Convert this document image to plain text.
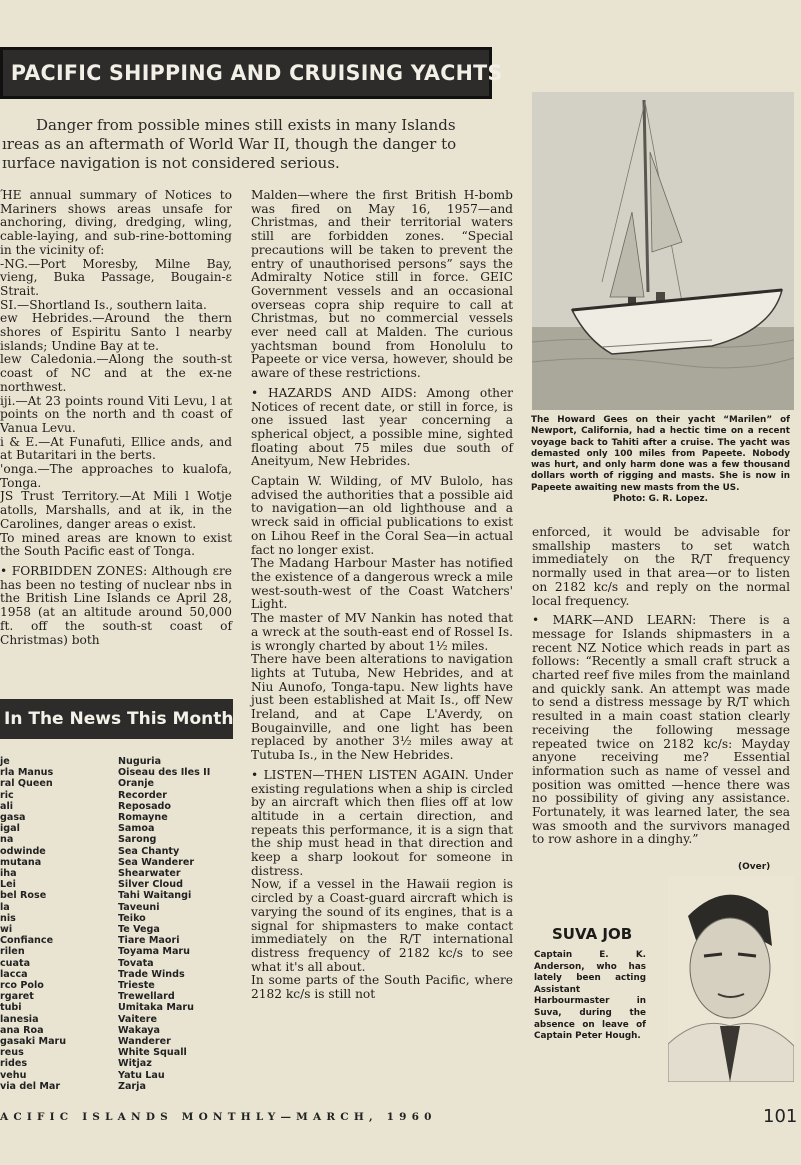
PACIFIC SHIPPING AND CRUISING YACHTS

Danger from possible mines still exists in many Islands ıreas as an aftermath of World War II, though the danger to ɪurface navigation is not considered serious.

ΉE annual summary of Notices to Mariners shows areas unsafe for anchoring, diving, dredging, wling, cable-laying, and sub-rine-bottoming in the vicinity of:

-NG.—Port Moresby, Milne Bay, vieng, Buka Passage, Bougain-ɛ Strait.

SI.—Shortland Is., southern laita.

ew Hebrides.—Around the thern shores of Espiritu Santo l nearby islands; Undine Bay at te.

lew Caledonia.—Along the south-st coast of NC and at the ex-ne northwest.

iji.—At 23 points round Viti Levu, l at points on the north and th coast of Vanua Levu.

i & E.—At Funafuti, Ellice ands, and at Butaritari in the berts.

'onga.—The approaches to kualofa, Tonga.

JS Trust Territory.—At Mili l Wotje atolls, Marshalls, and at ik, in the Carolines, danger areas o exist.

To mined areas are known to exist the South Pacific east of Tonga.

• FORBIDDEN ZONES: Although ɛre has been no testing of nuclear nbs in the British Line Islands ce April 28, 1958 (at an altitude around 50,000 ft. off the south-st coast of Christmas) both

In The News This Month
je
rla Manus
ral Queen
ric
ali
gasa
igal
na
odwinde
mutana
iha
Lei
bel Rose
la
nis
wi
Confiance
rilen
cuata
lacca
rco Polo
rgaret
tubi
lanesia
ana Roa
gasaki Maru
reus
rides
vehu
via del Mar
Nuguria
Oiseau des Iles II
Oranje
Recorder
Reposado
Romayne
Samoa
Sarong
Sea Chanty
Sea Wanderer
Shearwater
Silver Cloud
Tahi Waitangi
Taveuni
Teiko
Te Vega
Tiare Maori
Toyama Maru
Tovata
Trade Winds
Trieste
Trewellard
Umitaka Maru
Vaitere
Wakaya
Wanderer
White Squall
Witjaz
Yatu Lau
Zarja

Malden—where the first British H-bomb was fired on May 16, 1957—and Christmas, and their territorial waters still are forbidden zones. “Special precautions will be taken to prevent the entry of unauthorised persons” says the Admiralty Notice still in force. GEIC Government vessels and an occasional overseas copra ship require to call at Christmas, but no commercial vessels ever need call at Malden. The curious yachtsman bound from Honolulu to Papeete or vice versa, however, should be aware of these restrictions.

• HAZARDS AND AIDS: Among other Notices of recent date, or still in force, is one issued last year concerning a spherical object, a possible mine, sighted floating about 75 miles due south of Aneityum, New Hebrides.

Captain W. Wilding, of MV Bulolo, has advised the authorities that a possible aid to navigation—an old lighthouse and a wreck said in official publications to exist on Lihou Reef in the Coral Sea—in actual fact no longer exist.

The Madang Harbour Master has notified the existence of a dangerous wreck a mile west-south-west of the Coast Watchers' Light.

The master of MV Nankin has noted that a wreck at the south-east end of Rossel Is. is wrongly charted by about 1½ miles.

There have been alterations to navigation lights at Tutuba, New Hebrides, and at Niu Aunofo, Tonga-tapu. New lights have just been established at Mait Is., off New Ireland, and at Cape L'Averdy, on Bougainville, and one light has been replaced by another 3½ miles away at Tutuba Is., in the New Hebrides.

• LISTEN—THEN LISTEN AGAIN. Under existing regulations when a ship is circled by an aircraft which then flies off at low altitude in a certain direction, and repeats this performance, it is a sign that the ship must head in that direction and keep a sharp lookout for someone in distress.

Now, if a vessel in the Hawaii region is circled by a Coast-guard aircraft which is varying the sound of its engines, that is a signal for shipmasters to make contact immediately on the R/T international distress frequency of 2182 kc/s to see what it's all about.

In some parts of the South Pacific, where 2182 kc/s is still not

The Howard Gees on their yacht “Marilen” of Newport, California, had a hectic time on a recent voyage back to Tahiti after a cruise. The yacht was demasted only 100 miles from Papeete. Nobody was hurt, and only harm done was a few thousand dollars worth of rigging and masts. She is now in Papeete awaiting new masts from the US.
Photo: G. R. Lopez.

enforced, it would be advisable for smallship masters to set watch immediately on the R/T frequency normally used in that area—or to listen on 2182 kc/s and reply on the normal local frequency.

• MARK—AND LEARN: There is a message for Islands shipmasters in a recent NZ Notice which reads in part as follows: “Recently a small craft struck a charted reef five miles from the mainland and quickly sank. An attempt was made to send a distress message by R/T which resulted in a main coast station clearly receiving the following message repeated twice on 2182 kc/s: Mayday anyone receiving me? Essential information such as name of vessel and position was omitted —hence there was no possibility of giving any assistance. Fortunately, it was learned later, the sea was smooth and the survivors managed to row ashore in a dinghy.”

(Over)
SUVA JOB
Captain E. K. Anderson, who has lately been acting Assistant Harbourmaster in Suva, during the absence on leave of Captain Peter Hough.
ACIFIC ISLANDS MONTHLY—MARCH, 1960	101
